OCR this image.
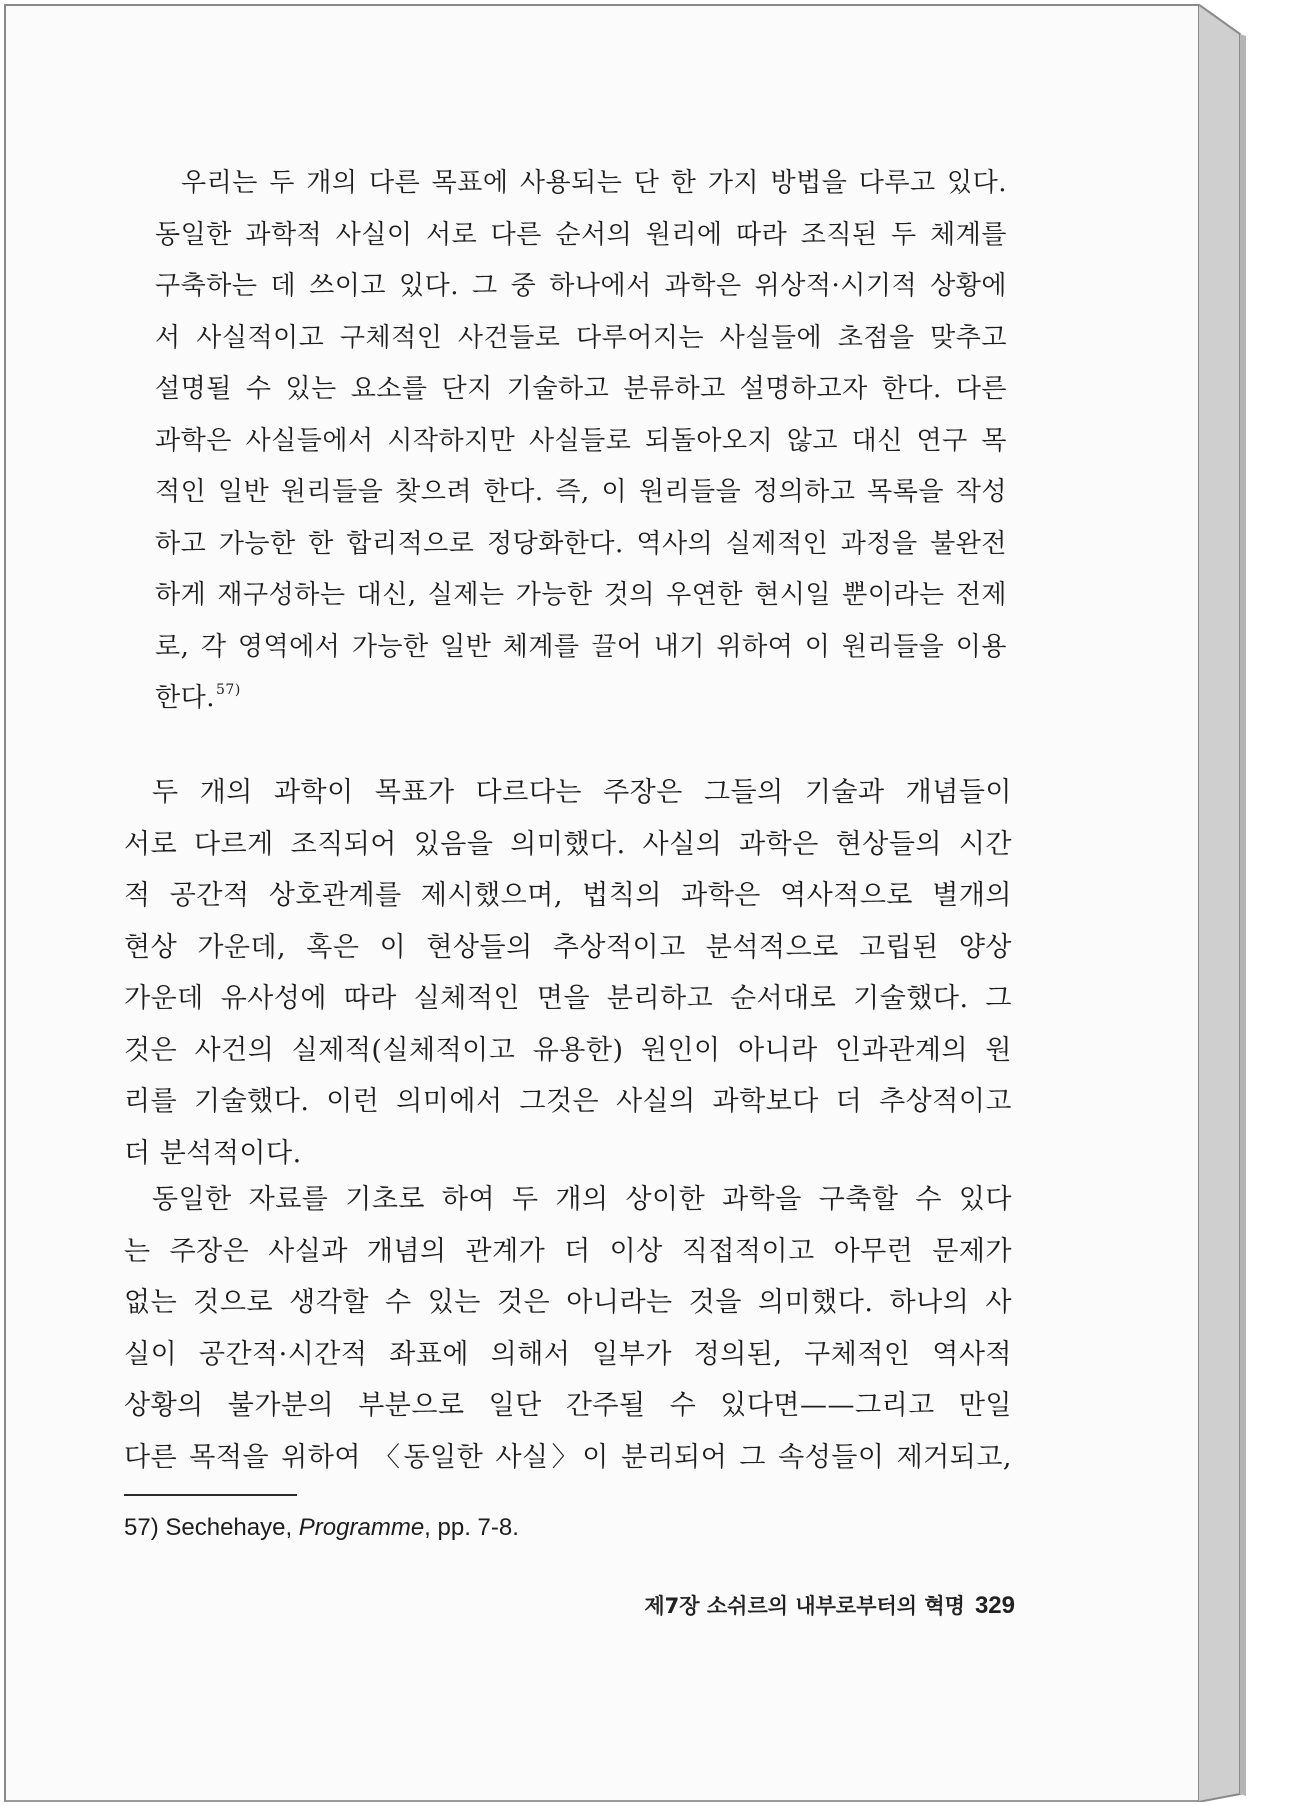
우리는 두 개의 다른 목표에 사용되는 단 한 가지 방법을 다루고 있다.
동일한 과학적 사실이 서로 다른 순서의 원리에 따라 조직된 두 체계를
구축하는 데 쓰이고 있다. 그 중 하나에서 과학은 위상적·시기적 상황에
서 사실적이고 구체적인 사건들로 다루어지는 사실들에 초점을 맞추고
설명될 수 있는 요소를 단지 기술하고 분류하고 설명하고자 한다. 다른
과학은 사실들에서 시작하지만 사실들로 되돌아오지 않고 대신 연구 목
적인 일반 원리들을 찾으려 한다. 즉, 이 원리들을 정의하고 목록을 작성
하고 가능한 한 합리적으로 정당화한다. 역사의 실제적인 과정을 불완전
하게 재구성하는 대신, 실제는 가능한 것의 우연한 현시일 뿐이라는 전제
로, 각 영역에서 가능한 일반 체계를 끌어 내기 위하여 이 원리들을 이용
한다.$^{57)}$
두 개의 과학이 목표가 다르다는 주장은 그들의 기술과 개념들이
서로 다르게 조직되어 있음을 의미했다. 사실의 과학은 현상들의 시간
적 공간적 상호관계를 제시했으며, 법칙의 과학은 역사적으로 별개의
현상 가운데, 혹은 이 현상들의 추상적이고 분석적으로 고립된 양상
가운데 유사성에 따라 실체적인 면을 분리하고 순서대로 기술했다. 그
것은 사건의 실제적(실체적이고 유용한) 원인이 아니라 인과관계의 원
리를 기술했다. 이런 의미에서 그것은 사실의 과학보다 더 추상적이고
더 분석적이다.
동일한 자료를 기초로 하여 두 개의 상이한 과학을 구축할 수 있다
는 주장은 사실과 개념의 관계가 더 이상 직접적이고 아무런 문제가
없는 것으로 생각할 수 있는 것은 아니라는 것을 의미했다. 하나의 사
실이 공간적·시간적 좌표에 의해서 일부가 정의된, 구체적인 역사적
상황의 불가분의 부분으로 일단 간주될 수 있다면——그리고 만일
다른 목적을 위하여 〈동일한 사실〉이 분리되어 그 속성들이 제거되고,
57) Sechehaye, Programme, pp. 7-8.
제7장 소쉬르의 내부로부터의 혁명 329
